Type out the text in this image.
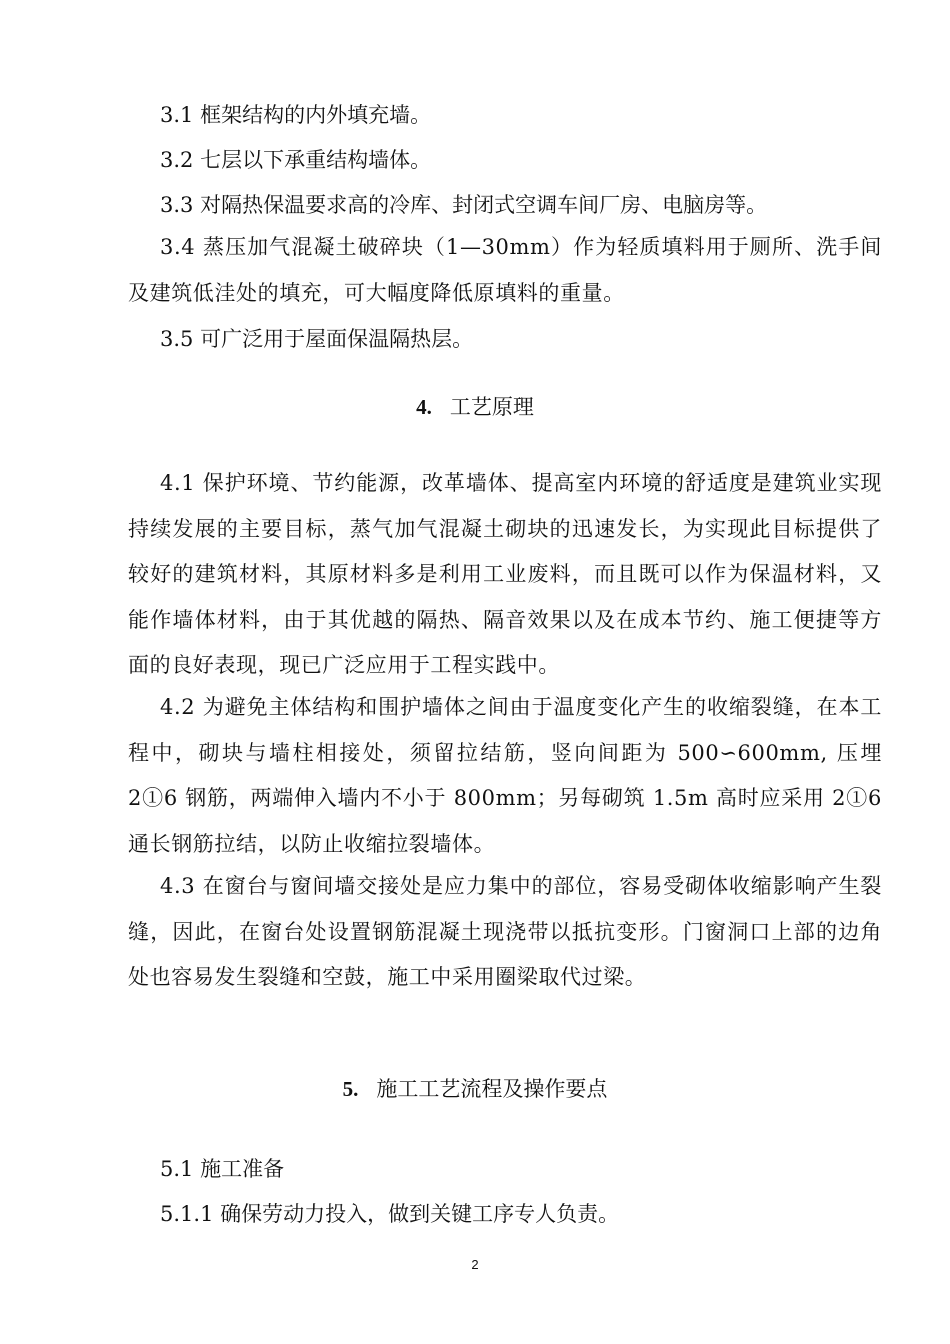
3.1 框架结构的内外填充墙。
3.2 七层以下承重结构墙体。
3.3 对隔热保温要求高的冷库、封闭式空调车间厂房、电脑房等。
3.4 蒸压加气混凝土破碎块（1—30mm）作为轻质填料用于厕所、洗手间及建筑低洼处的填充，可大幅度降低原填料的重量。
3.5 可广泛用于屋面保温隔热层。
4. 工艺原理
4.1 保护环境、节约能源，改革墙体、提高室内环境的舒适度是建筑业实现持续发展的主要目标，蒸气加气混凝土砌块的迅速发长，为实现此目标提供了较好的建筑材料，其原材料多是利用工业废料，而且既可以作为保温材料，又能作墙体材料，由于其优越的隔热、隔音效果以及在成本节约、施工便捷等方面的良好表现，现已广泛应用于工程实践中。
4.2 为避免主体结构和围护墙体之间由于温度变化产生的收缩裂缝，在本工程中，砌块与墙柱相接处，须留拉结筋，竖向间距为 500∽600mm, 压埋 2①6 钢筋，两端伸入墙内不小于 800mm；另每砌筑 1.5m 高时应采用 2①6 通长钢筋拉结，以防止收缩拉裂墙体。
4.3 在窗台与窗间墙交接处是应力集中的部位，容易受砌体收缩影响产生裂缝，因此，在窗台处设置钢筋混凝土现浇带以抵抗变形。门窗洞口上部的边角处也容易发生裂缝和空鼓，施工中采用圈梁取代过梁。
5. 施工工艺流程及操作要点
5.1 施工准备
5.1.1 确保劳动力投入，做到关键工序专人负责。
2
